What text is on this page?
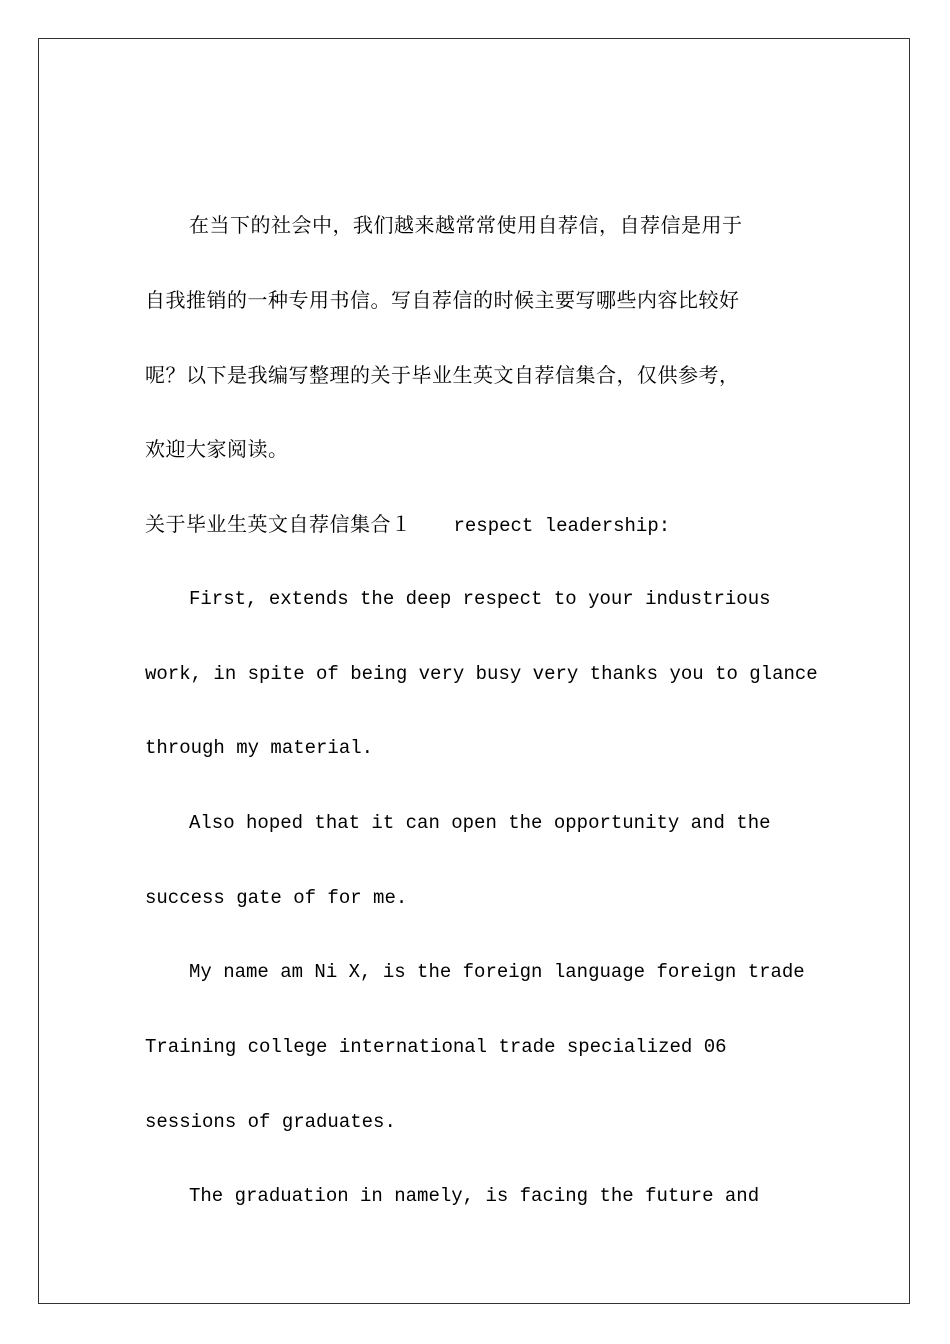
在当下的社会中，我们越来越常常使用自荐信，自荐信是用于
自我推销的一种专用书信。写自荐信的时候主要写哪些内容比较好
呢？以下是我编写整理的关于毕业生英文自荐信集合，仅供参考，
欢迎大家阅读。
关于毕业生英文自荐信集合１ respect leadership:
First, extends the deep respect to your industrious
work, in spite of being very busy very thanks you to glance
through my material.
Also hoped that it can open the opportunity and the
success gate of for me.
My name am Ni X, is the foreign language foreign trade
Training college international trade specialized 06
sessions of graduates.
The graduation in namely, is facing the future and
